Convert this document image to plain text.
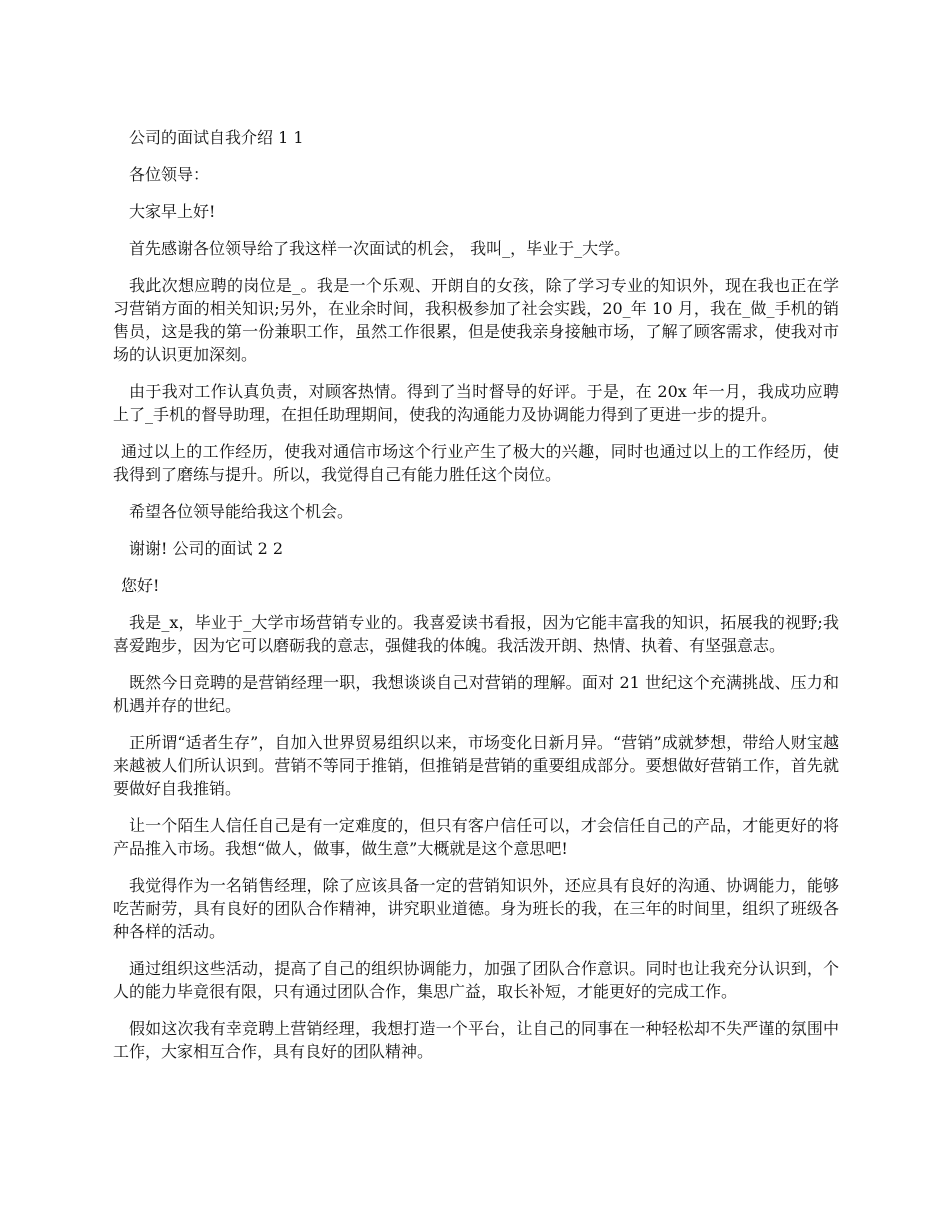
公司的面试自我介绍 1 1

各位领导：

大家早上好!

首先感谢各位领导给了我这样一次面试的机会， 我叫_，毕业于_大学。

我此次想应聘的岗位是_。我是一个乐观、开朗自的女孩，除了学习专业的知识外，现在我也正在学习营销方面的相关知识;另外，在业余时间，我积极参加了社会实践，20_年 10 月，我在_做_手机的销售员，这是我的第一份兼职工作，虽然工作很累，但是使我亲身接触市场，了解了顾客需求，使我对市场的认识更加深刻。

由于我对工作认真负责，对顾客热情。得到了当时督导的好评。于是，在 20x 年一月，我成功应聘上了_手机的督导助理，在担任助理期间，使我的沟通能力及协调能力得到了更进一步的提升。

通过以上的工作经历，使我对通信市场这个行业产生了极大的兴趣，同时也通过以上的工作经历，使我得到了磨练与提升。所以，我觉得自己有能力胜任这个岗位。

希望各位领导能给我这个机会。

谢谢! 公司的面试 2 2

您好!

我是_x，毕业于_大学市场营销专业的。我喜爱读书看报，因为它能丰富我的知识，拓展我的视野;我喜爱跑步，因为它可以磨砺我的意志，强健我的体魄。我活泼开朗、热情、执着、有坚强意志。

既然今日竞聘的是营销经理一职，我想谈谈自己对营销的理解。面对 21 世纪这个充满挑战、压力和机遇并存的世纪。

正所谓“适者生存”，自加入世界贸易组织以来，市场变化日新月异。“营销”成就梦想，带给人财宝越来越被人们所认识到。营销不等同于推销，但推销是营销的重要组成部分。要想做好营销工作，首先就要做好自我推销。

让一个陌生人信任自己是有一定难度的，但只有客户信任可以，才会信任自己的产品，才能更好的将产品推入市场。我想“做人，做事，做生意”大概就是这个意思吧!

我觉得作为一名销售经理，除了应该具备一定的营销知识外，还应具有良好的沟通、协调能力，能够吃苦耐劳，具有良好的团队合作精神，讲究职业道德。身为班长的我，在三年的时间里，组织了班级各种各样的活动。

通过组织这些活动，提高了自己的组织协调能力，加强了团队合作意识。同时也让我充分认识到，个人的能力毕竟很有限，只有通过团队合作，集思广益，取长补短，才能更好的完成工作。

假如这次我有幸竞聘上营销经理，我想打造一个平台，让自己的同事在一种轻松却不失严谨的氛围中工作，大家相互合作，具有良好的团队精神。
